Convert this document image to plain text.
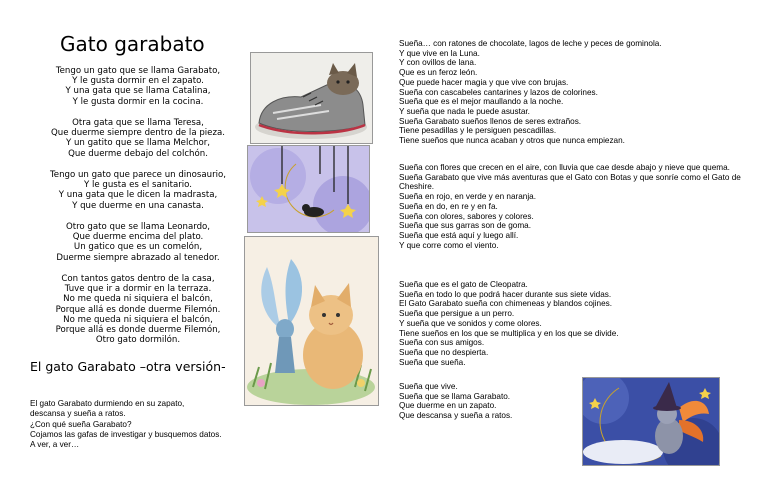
Gato garabato
Tengo un gato que se llama Garabato,
Y le gusta dormir en el zapato.
Y una gata que se llama Catalina,
Y le gusta dormir en la cocina.
Otra gata que se llama Teresa,
Que duerme siempre dentro de la pieza.
Y un gatito que se llama Melchor,
Que duerme debajo del colchón.
Tengo un gato que parece un dinosaurio,
Y le gusta es el sanitario.
Y una gata que le dicen la madrasta,
Y que duerme en una canasta.
Otro gato que se llama Leonardo,
Que duerme encima del plato.
Un gatico que es un comelón,
Duerme siempre abrazado al tenedor.
Con tantos gatos dentro de la casa,
Tuve que ir a dormir en la terraza.
No me queda ni siquiera el balcón,
Porque allá es donde duerme Filemón.
No me queda ni siquiera el balcón,
Porque allá es donde duerme Filemón,
Otro gato dormilón.
El gato Garabato –otra versión-
El gato Garabato durmiendo en su zapato,
descansa y sueña a ratos.
¿Con qué sueña Garabato?
Cojamos las gafas de investigar y busquemos datos.
A ver, a ver…
Sueña… con ratones de chocolate, lagos de leche y peces de gominola.
Y que vive en la Luna.
Y con ovillos de lana.
Que es un feroz león.
Que puede hacer magia y que vive con brujas.
Sueña con cascabeles cantarines y lazos de colorines.
Sueña que es el mejor maullando a la noche.
Y sueña que nada le puede asustar.
Sueña Garabato sueños llenos de seres extraños.
Tiene pesadillas y le persiguen pescadillas.
Tiene sueños que nunca acaban y otros que nunca empiezan.
Sueña con flores que crecen en el aire, con lluvia que cae desde abajo y nieve que quema.
Sueña Garabato que vive más aventuras que el Gato con Botas y que sonríe como el Gato de Cheshire.
Sueña en rojo, en verde y en naranja.
Sueña en do, en re y en fa.
Sueña con olores, sabores y colores.
Sueña que sus garras son de goma.
Sueña que está aquí y luego allí.
Y que corre como el viento.
Sueña que es el gato de Cleopatra.
Sueña en todo lo que podrá hacer durante sus siete vidas.
El Gato Garabato sueña con chimeneas y blandos cojines.
Sueña que persigue a un perro.
Y sueña que ve sonidos y come olores.
Tiene sueños en los que se multiplica y en los que se divide.
Sueña con sus amigos.
Sueña que no despierta.
Sueña que sueña.
Sueña que vive.
Sueña que se llama Garabato.
Que duerme en un zapato.
Que descansa y sueña a ratos.
